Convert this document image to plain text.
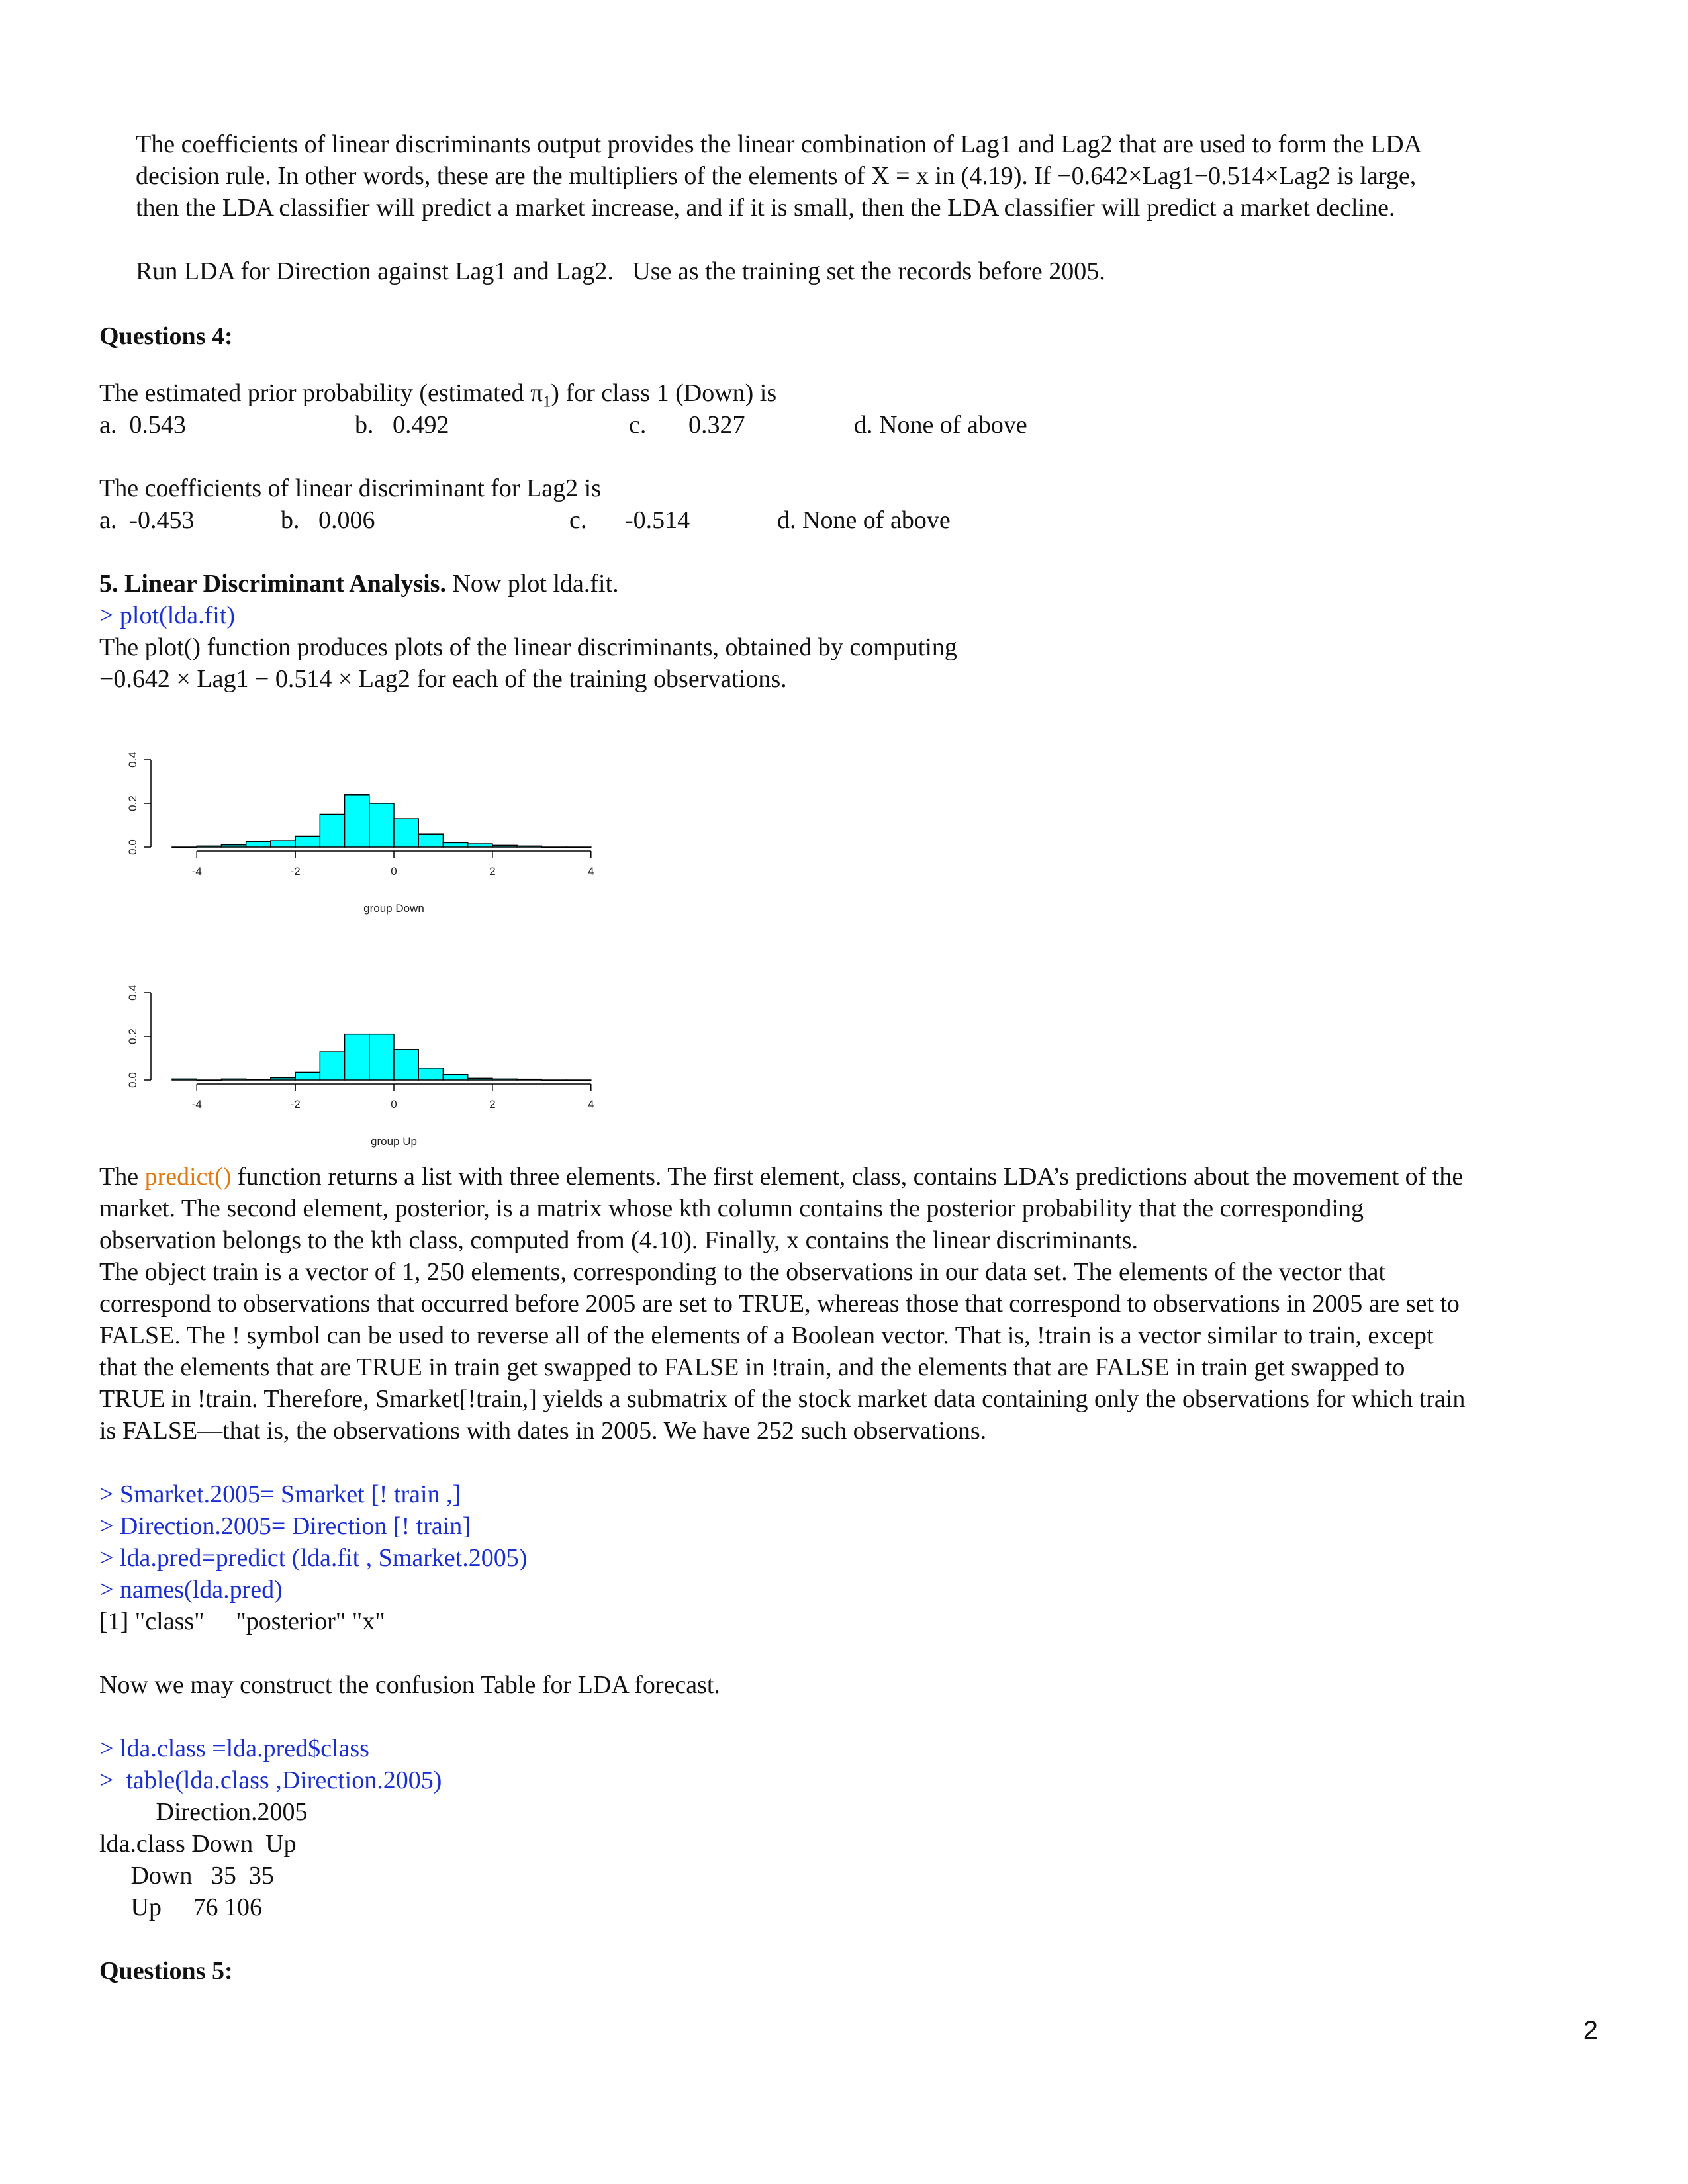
The coefficients of linear discriminants output provides the linear combination of Lag1 and Lag2 that are used to form the LDA
decision rule. In other words, these are the multipliers of the elements of X = x in (4.19). If −0.642×Lag1−0.514×Lag2 is large,
then the LDA classifier will predict a market increase, and if it is small, then the LDA classifier will predict a market decline.
Run LDA for Direction against Lag1 and Lag2.   Use as the training set the records before 2005.
Questions 4:
The estimated prior probability (estimated $\pi_1$) for class 1 (Down) is
a.  0.543	b.   0.492	c. 0.327	d. None of above
The coefficients of linear discriminant for Lag2 is
a.  -0.453	b.   0.006	c. -0.514	d. None of above
5. Linear Discriminant Analysis. Now plot lda.fit.
> plot(lda.fit)
The plot() function produces plots of the linear discriminants, obtained by computing
−0.642 × Lag1 − 0.514 × Lag2 for each of the training observations.
-4	-2	0	2	4
0.0
0.2
0.4
group Down
-4	-2	0	2	4
0.0
0.2
0.4
group Up
The predict() function returns a list with three elements. The first element, class, contains LDA’s predictions about the movement of the
market. The second element, posterior, is a matrix whose kth column contains the posterior probability that the corresponding
observation belongs to the kth class, computed from (4.10). Finally, x contains the linear discriminants.
The object train is a vector of 1, 250 elements, corresponding to the observations in our data set. The elements of the vector that
correspond to observations that occurred before 2005 are set to TRUE, whereas those that correspond to observations in 2005 are set to
FALSE. The ! symbol can be used to reverse all of the elements of a Boolean vector. That is, !train is a vector similar to train, except
that the elements that are TRUE in train get swapped to FALSE in !train, and the elements that are FALSE in train get swapped to
TRUE in !train. Therefore, Smarket[!train,] yields a submatrix of the stock market data containing only the observations for which train
is FALSE—that is, the observations with dates in 2005. We have 252 such observations.
> Smarket.2005= Smarket [! train ,]
> Direction.2005= Direction [! train]
> lda.pred=predict (lda.fit , Smarket.2005)
> names(lda.pred)
[1] "class"     "posterior" "x"
Now we may construct the confusion Table for LDA forecast.
> lda.class =lda.pred$class
>  table(lda.class ,Direction.2005)
Direction.2005
lda.class Down  Up
Down   35  35
Up     76 106
Questions 5:
2
